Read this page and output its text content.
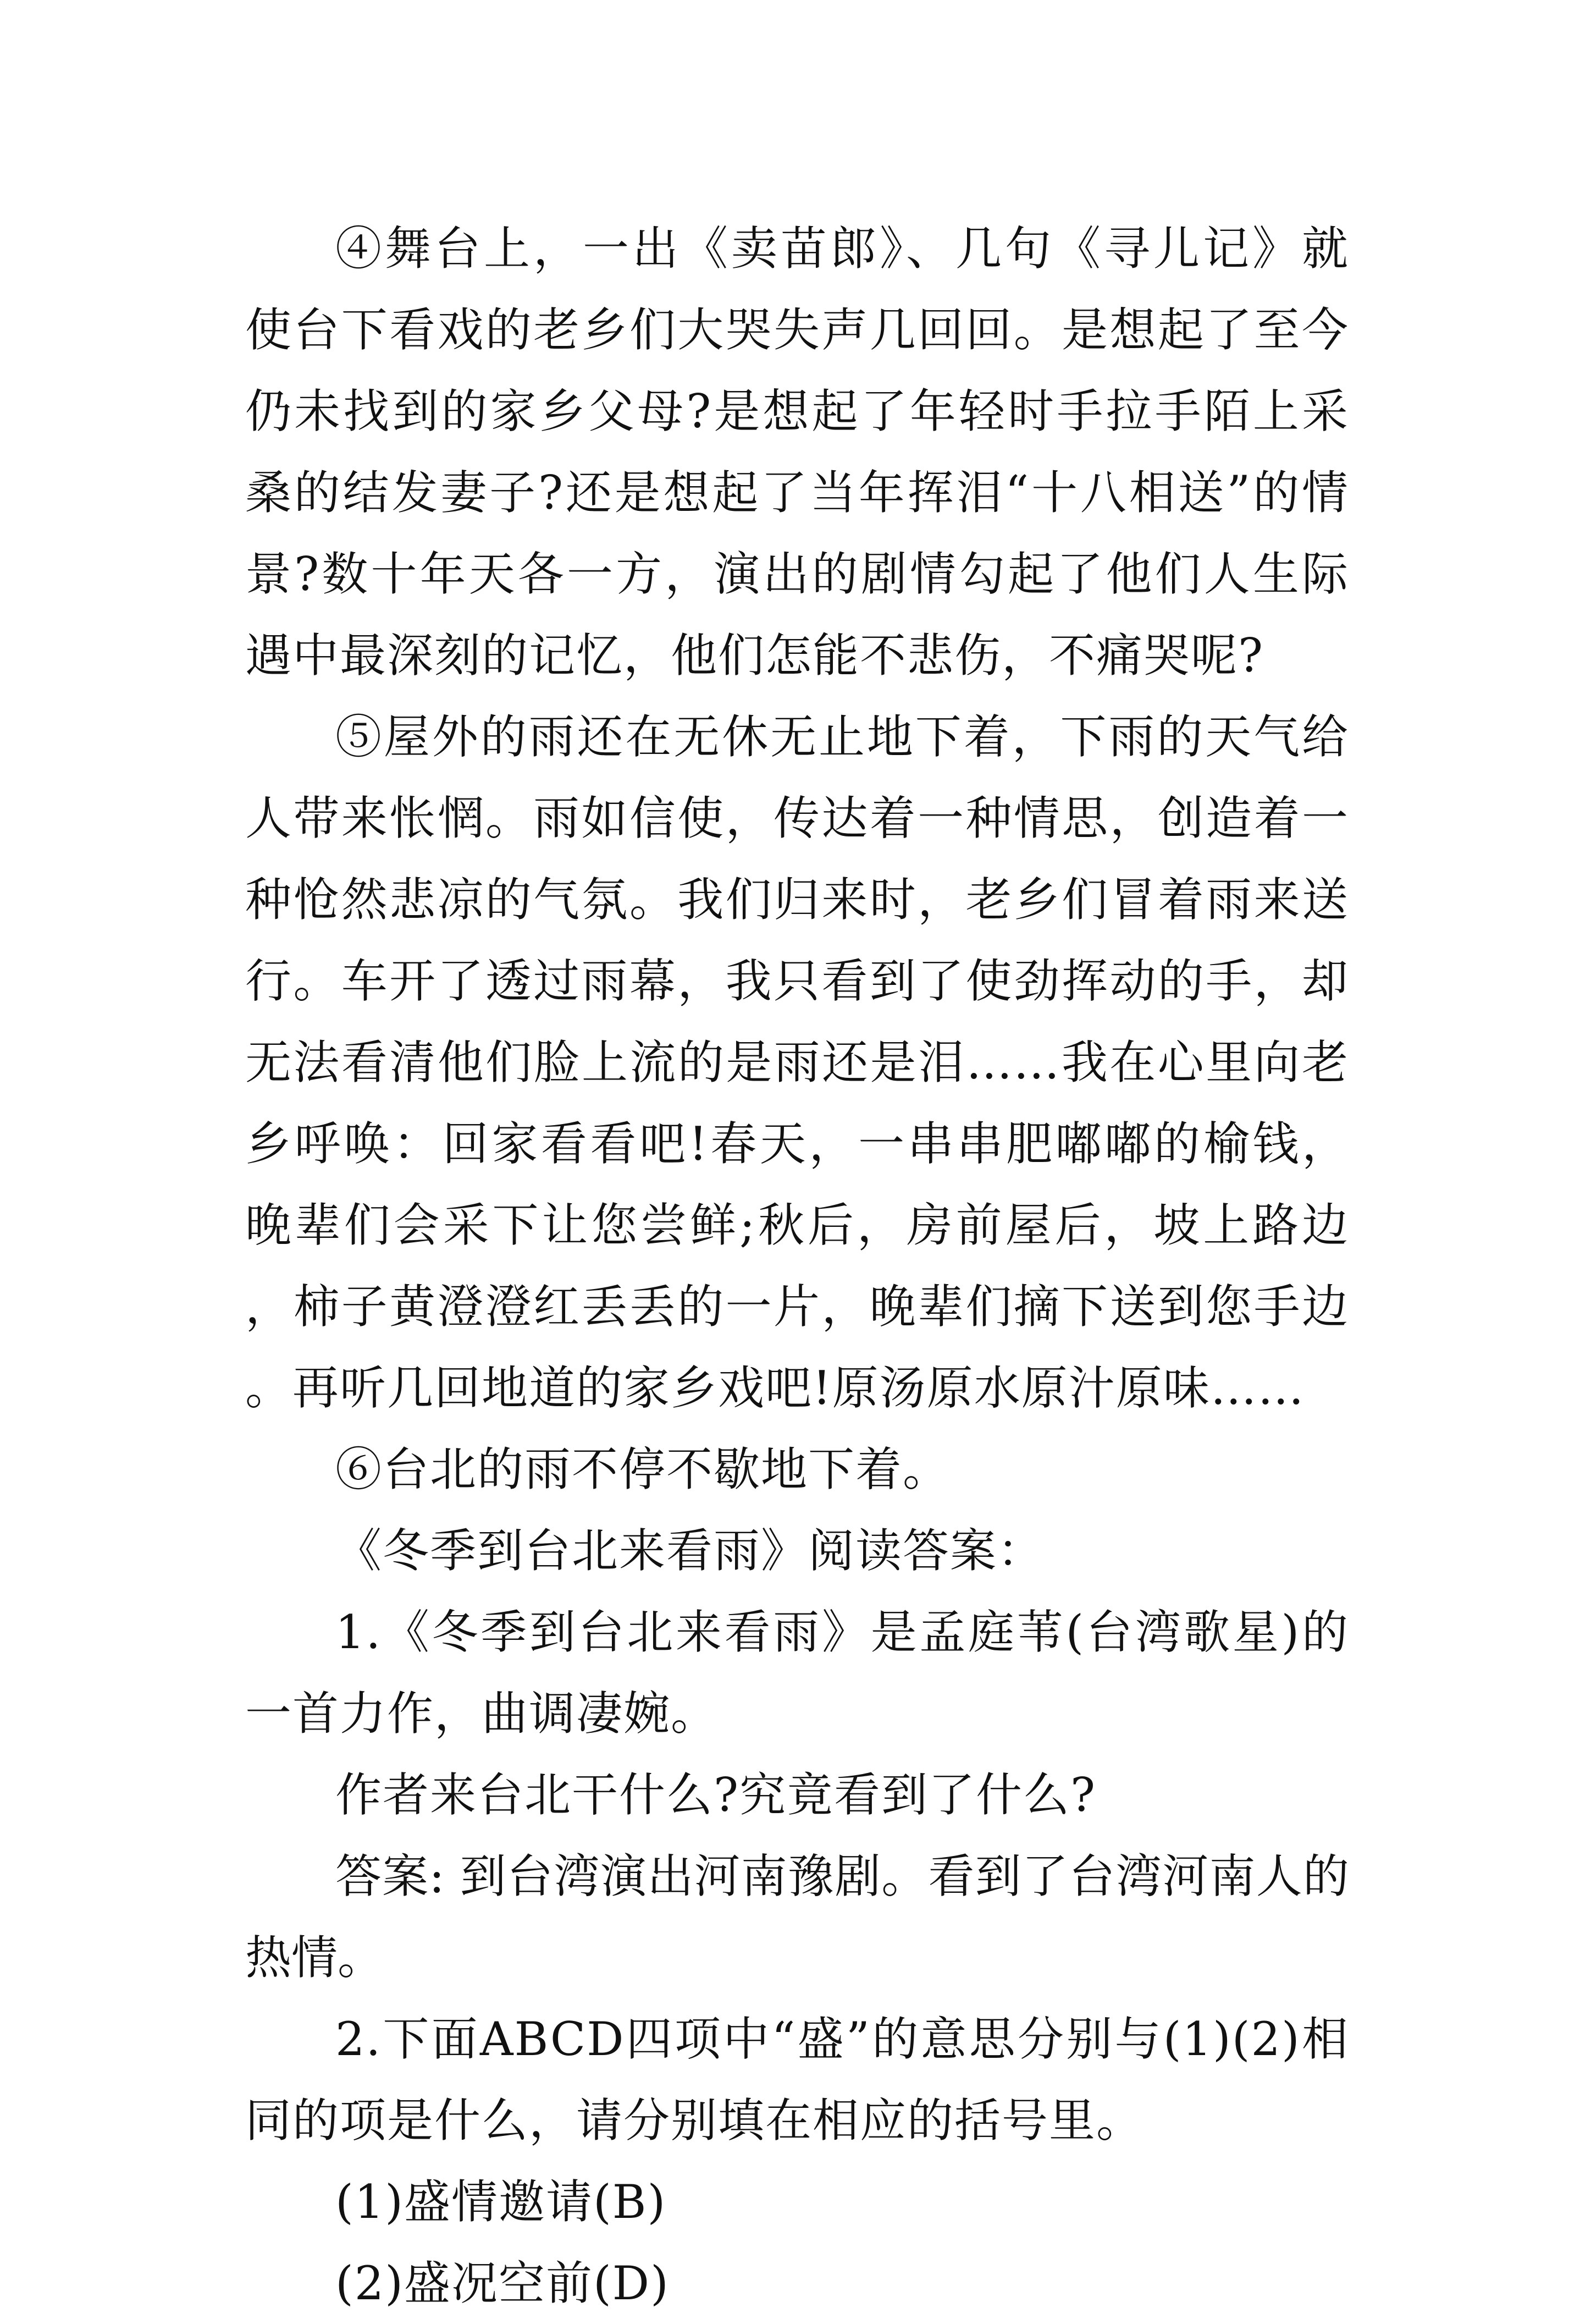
④舞台上，一出《卖苗郎》、几句《寻儿记》就使台下看戏的老乡们大哭失声几回回。是想起了至今仍未找到的家乡父母?是想起了年轻时手拉手陌上采桑的结发妻子?还是想起了当年挥泪“十八相送”的情景?数十年天各一方，演出的剧情勾起了他们人生际遇中最深刻的记忆，他们怎能不悲伤，不痛哭呢?

⑤屋外的雨还在无休无止地下着，下雨的天气给人带来怅惘。雨如信使，传达着一种情思，创造着一种怆然悲凉的气氛。我们归来时，老乡们冒着雨来送行。车开了透过雨幕，我只看到了使劲挥动的手，却无法看清他们脸上流的是雨还是泪……我在心里向老乡呼唤：回家看看吧!春天，一串串肥嘟嘟的榆钱，晚辈们会采下让您尝鲜;秋后，房前屋后，坡上路边，柿子黄澄澄红丢丢的一片，晚辈们摘下送到您手边。再听几回地道的家乡戏吧!原汤原水原汁原味……

⑥台北的雨不停不歇地下着。

《冬季到台北来看雨》阅读答案：

1.《冬季到台北来看雨》是孟庭苇(台湾歌星)的一首力作，曲调凄婉。

作者来台北干什么?究竟看到了什么?

答案: 到台湾演出河南豫剧。看到了台湾河南人的热情。

2.下面ABCD四项中“盛”的意思分别与(1)(2)相同的项是什么，请分别填在相应的括号里。

(1)盛情邀请(B)

(2)盛况空前(D)
